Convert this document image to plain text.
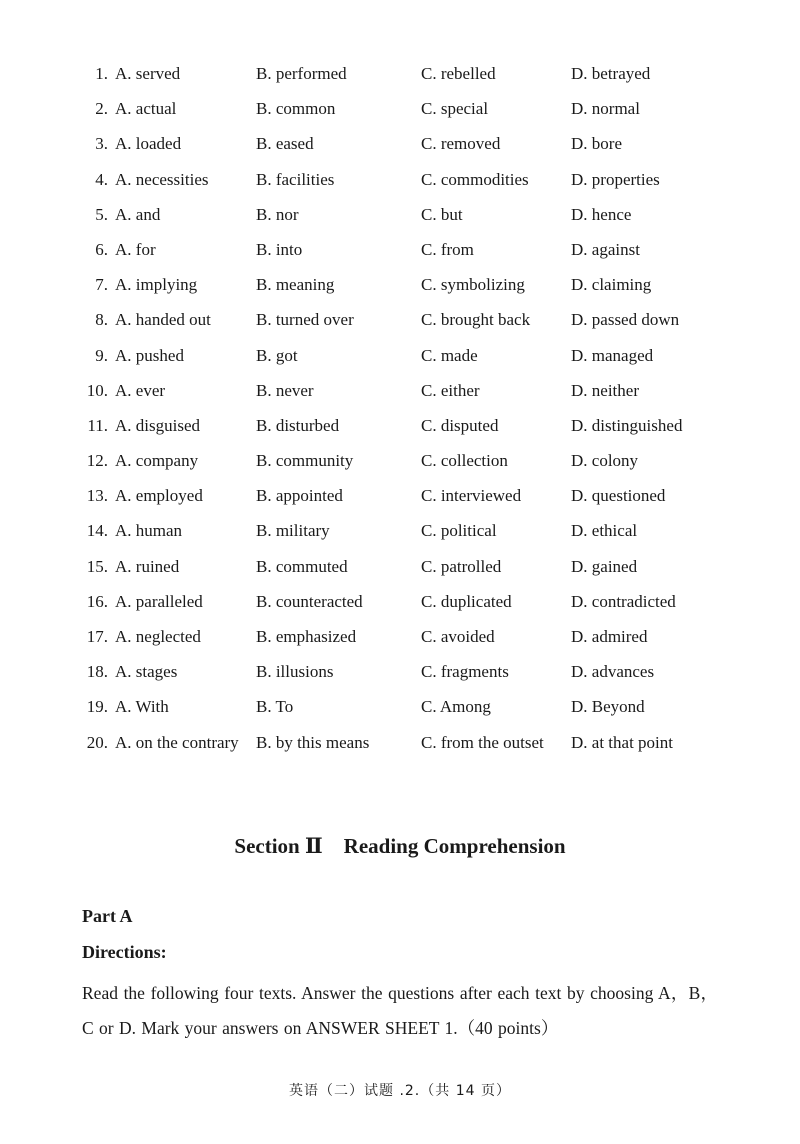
1. A. served	B. performed	C. rebelled	D. betrayed
2. A. actual	B. common	C. special	D. normal
3. A. loaded	B. eased	C. removed	D. bore
4. A. necessities	B. facilities	C. commodities D. properties
5. A. and	B. nor	C. but	D. hence
6. A. for	B. into	C. from	D. against
7. A. implying	B. meaning	C. symbolizing	D. claiming
8. A. handed out	B. turned over	C. brought back D. passed down
9. A. pushed	B. got	C. made	D. managed
10. A. ever	B. never	C. either	D. neither
11. A. disguised	B. disturbed	C. disputed	D. distinguished
12. A. company	B. community	C. collection	D. colony
13. A. employed	B. appointed	C. interviewed	D. questioned
14. A. human	B. military	C. political	D. ethical
15. A. ruined	B. commuted	C. patrolled	D. gained
16. A. paralleled	B. counteracted	C. duplicated	D. contradicted
17. A. neglected	B. emphasized	C. avoided	D. admired
18. A. stages	B. illusions	C. fragments	D. advances
19. A. With	B. To	C. Among	D. Beyond
20. A. on the contrary B. by this means	C. from the outset D. at that point
Section Ⅱ    Reading Comprehension
Part A
Directions:
Read the following four texts. Answer the questions after each text by choosing A，B，C or D. Mark your answers on ANSWER SHEET 1.（40 points）
英语（二）试题 .2.（共 14 页）
